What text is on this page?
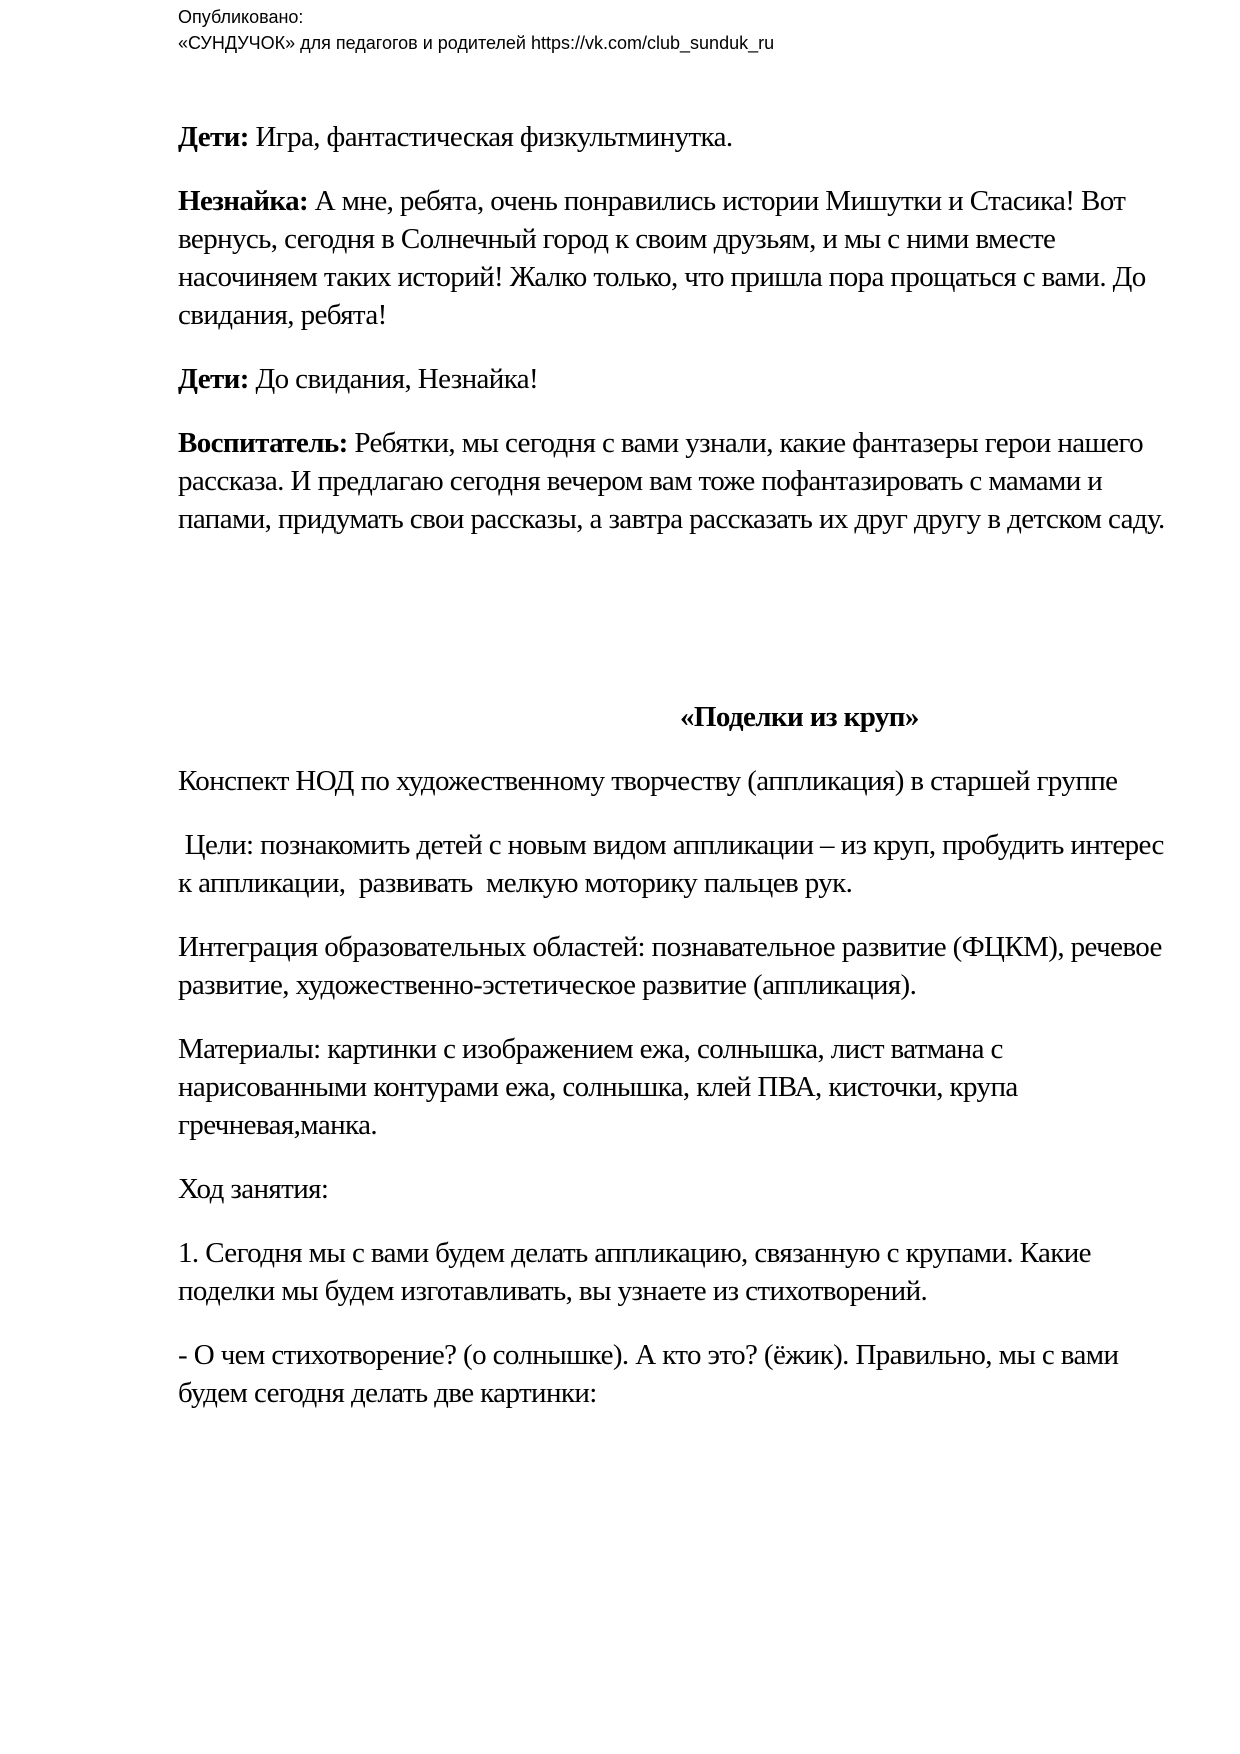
Опубликовано:
«СУНДУЧОК» для педагогов и родителей https://vk.com/club_sunduk_ru

Дети: Игра, фантастическая физкультминутка.

Незнайка: А мне, ребята, очень понравились истории Мишутки и Стасика! Вот вернусь, сегодня в Солнечный город к своим друзьям, и мы с ними вместе насочиняем таких историй! Жалко только, что пришла пора прощаться с вами. До свидания, ребята!

Дети: До свидания, Незнайка!

Воспитатель: Ребятки, мы сегодня с вами узнали, какие фантазеры герои нашего рассказа. И предлагаю сегодня вечером вам тоже пофантазировать с мамами и папами, придумать свои рассказы, а завтра рассказать их друг другу в детском саду.

«Поделки из круп»

Конспект НОД по художественному творчеству (аппликация) в старшей группе

Цели: познакомить детей с новым видом аппликации – из круп, пробудить интерес к аппликации,  развивать  мелкую моторику пальцев рук.

Интеграция образовательных областей: познавательное развитие (ФЦКМ), речевое развитие, художественно-эстетическое развитие (аппликация).

Материалы: картинки с изображением ежа, солнышка, лист ватмана с нарисованными контурами ежа, солнышка, клей ПВА, кисточки, крупа гречневая,манка.

Ход занятия:

1. Сегодня мы с вами будем делать аппликацию, связанную с крупами. Какие поделки мы будем изготавливать, вы узнаете из стихотворений.

- О чем стихотворение? (о солнышке). А кто это? (ёжик). Правильно, мы с вами будем сегодня делать две картинки:
